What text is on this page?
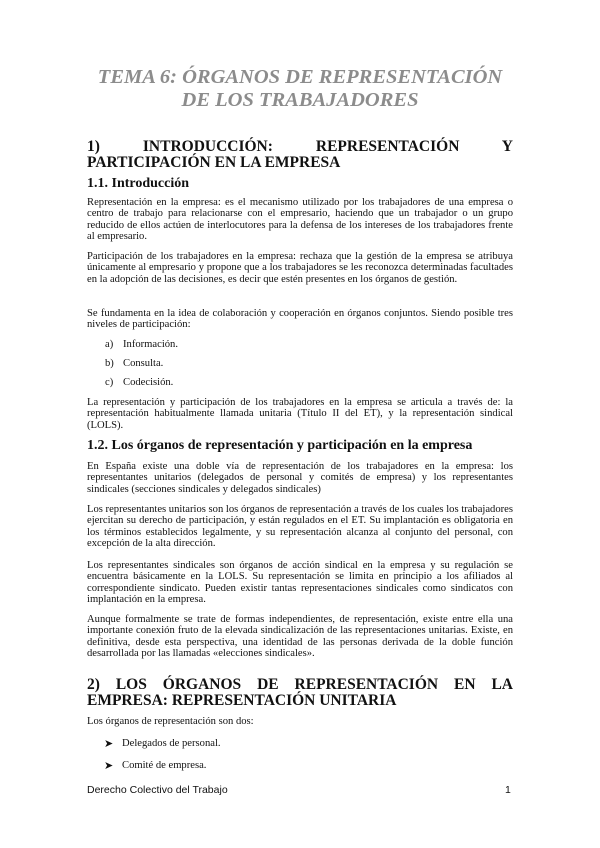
TEMA 6: ÓRGANOS DE REPRESENTACIÓN
DE LOS TRABAJADORES
1) INTRODUCCIÓN: REPRESENTACIÓN Y
PARTICIPACIÓN EN LA EMPRESA
1.1. Introducción

Representación en la empresa: es el mecanismo utilizado por los trabajadores de una empresa o centro de trabajo para relacionarse con el empresario, haciendo que un trabajador o un grupo reducido de ellos actúen de interlocutores para la defensa de los intereses de los trabajadores frente al empresario.

Participación de los trabajadores en la empresa: rechaza que la gestión de la empresa se atribuya únicamente al empresario y propone que a los trabajadores se les reconozca determinadas facultades en la adopción de las decisiones, es decir que estén presentes en los órganos de gestión.

Se fundamenta en la idea de colaboración y cooperación en órganos conjuntos. Siendo posible tres niveles de participación:

a) Información.
b) Consulta.
c) Codecisión.

La representación y participación de los trabajadores en la empresa se articula a través de: la representación habitualmente llamada unitaria (Título II del ET), y la representación sindical (LOLS).

1.2. Los órganos de representación y participación en la empresa

En España existe una doble vía de representación de los trabajadores en la empresa: los representantes unitarios (delegados de personal y comités de empresa) y los representantes sindicales (secciones sindicales y delegados sindicales)

Los representantes unitarios son los órganos de representación a través de los cuales los trabajadores ejercitan su derecho de participación, y están regulados en el ET. Su implantación es obligatoria en los términos establecidos legalmente, y su representación alcanza al conjunto del personal, con excepción de la alta dirección.

Los representantes sindicales son órganos de acción sindical en la empresa y su regulación se encuentra básicamente en la LOLS. Su representación se limita en principio a los afiliados al correspondiente sindicato. Pueden existir tantas representaciones sindicales como sindicatos con implantación en la empresa.

Aunque formalmente se trate de formas independientes, de representación, existe entre ella una importante conexión fruto de la elevada sindicalización de las representaciones unitarias. Existe, en definitiva, desde esta perspectiva, una identidad de las personas derivada de la doble función desarrollada por las llamadas «elecciones sindicales».

2) LOS ÓRGANOS DE REPRESENTACIÓN EN LA
EMPRESA: REPRESENTACIÓN UNITARIA

Los órganos de representación son dos:

➤ Delegados de personal.
➤ Comité de empresa.
Derecho Colectivo del Trabajo	1
